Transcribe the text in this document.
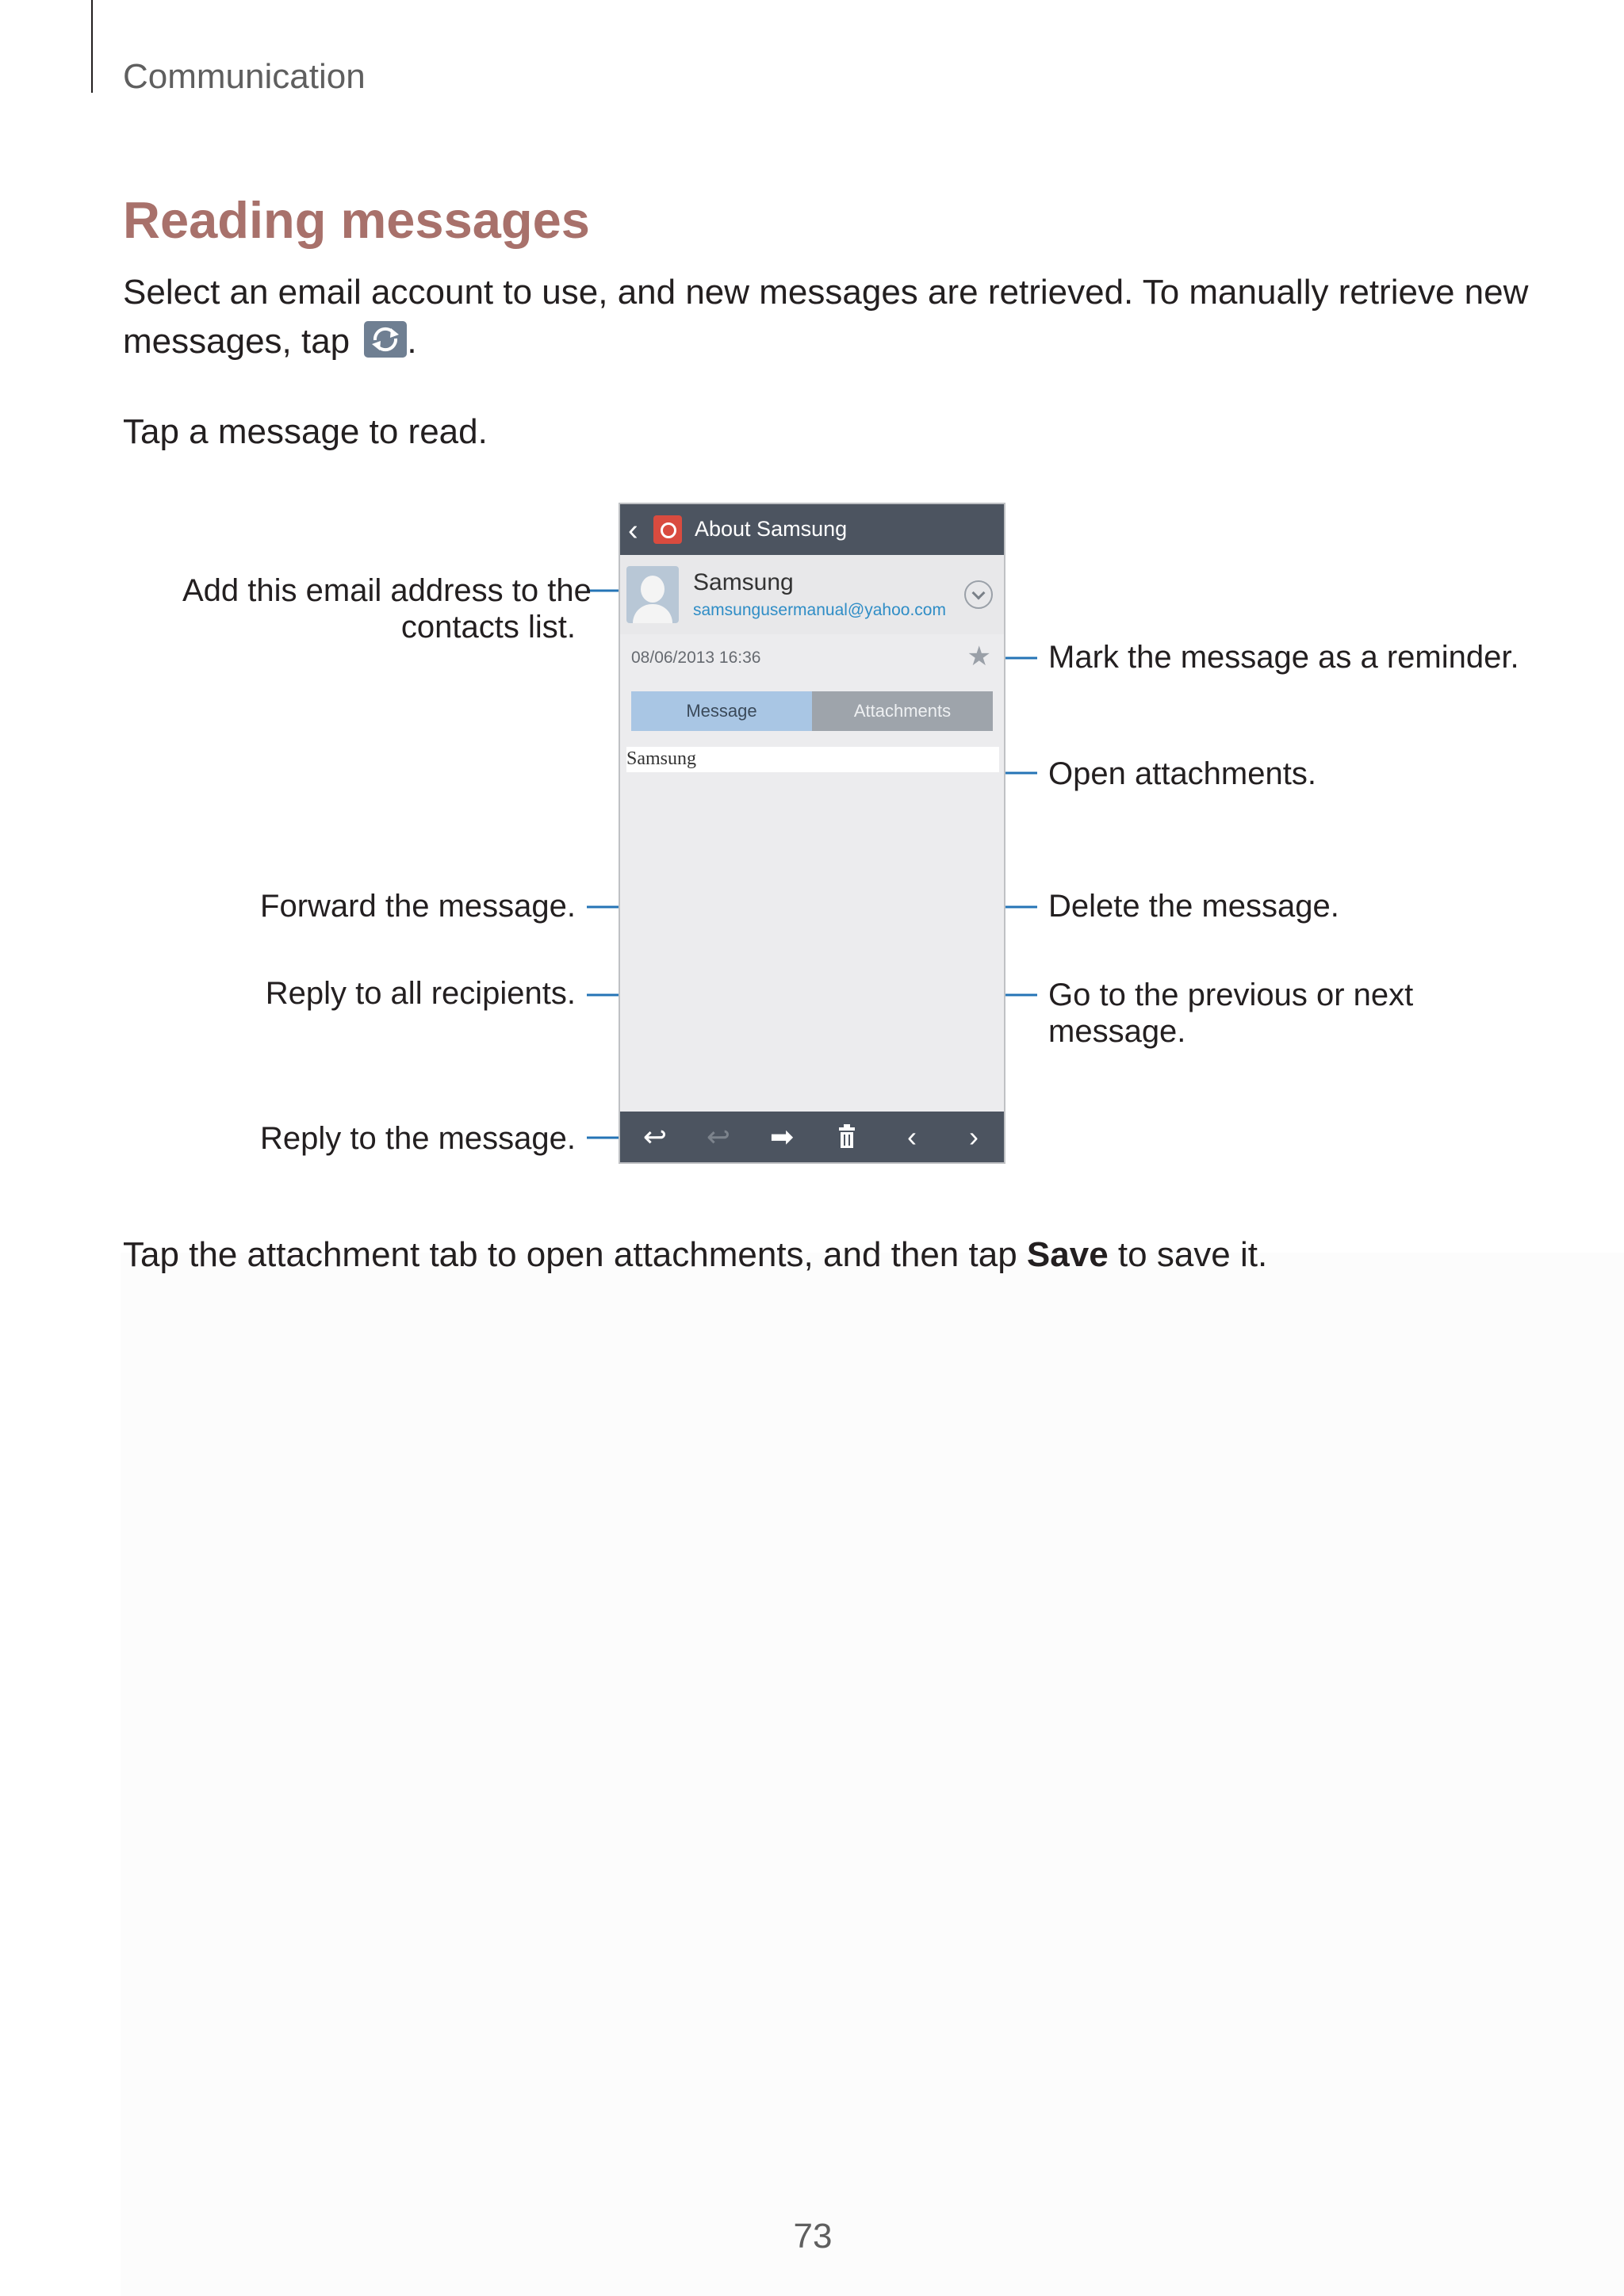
Communication
Reading messages
Select an email account to use, and new messages are retrieved. To manually retrieve new messages, tap .
Tap a message to read.
Add this email address to the
contacts list.
Mark the message as a reminder.
Open attachments.
Forward the message.	Delete the message.
Reply to all recipients.	Go to the previous or next
message.
Reply to the message.
‹	About Samsung
Samsung
samsungusermanual@yahoo.com
08/06/2013 16:36	★
Message	Attachments
Samsung
↩ ↩ ➡	‹	›
Tap the attachment tab to open attachments, and then tap Save to save it.
73
